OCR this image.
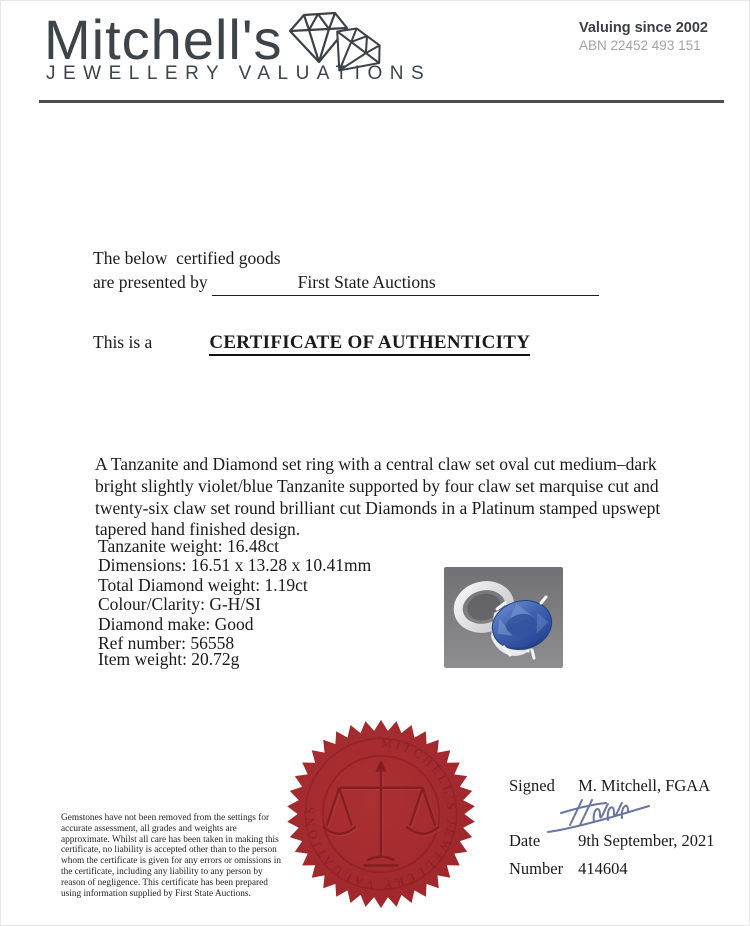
Mitchell's
JEWELLERY VALUATIONS
Valuing since 2002
ABN 22452 493 151
The below  certified goods
are presented by	First State Auctions
This is a	CERTIFICATE OF AUTHENTICITY
A Tanzanite and Diamond set ring with a central claw set oval cut medium–dark bright slightly violet/blue Tanzanite supported by four claw set marquise cut and twenty-six claw set round brilliant cut Diamonds in a Platinum stamped upswept tapered hand finished design.
Tanzanite weight: 16.48ct
Dimensions: 16.51 x 13.28 x 10.41mm
Total Diamond weight: 1.19ct
Colour/Clarity: G-H/SI
Diamond make: Good
Ref number: 56558
Item weight: 20.72g
MITCHELL'S JEWELLERY VALUATIONS
Gemstones have not been removed from the settings for accurate assessment, all grades and weights are approximate. Whilst all care has been taken in making this certificate, no liability is accepted other than to the person whom the certificate is given for any errors or omissions in the certificate, including any liability to any person by reason of negligence. This certificate has been prepared using information supplied by First State Auctions.
Signed M. Mitchell, FGAA
Date 9th September, 2021
Number 414604
